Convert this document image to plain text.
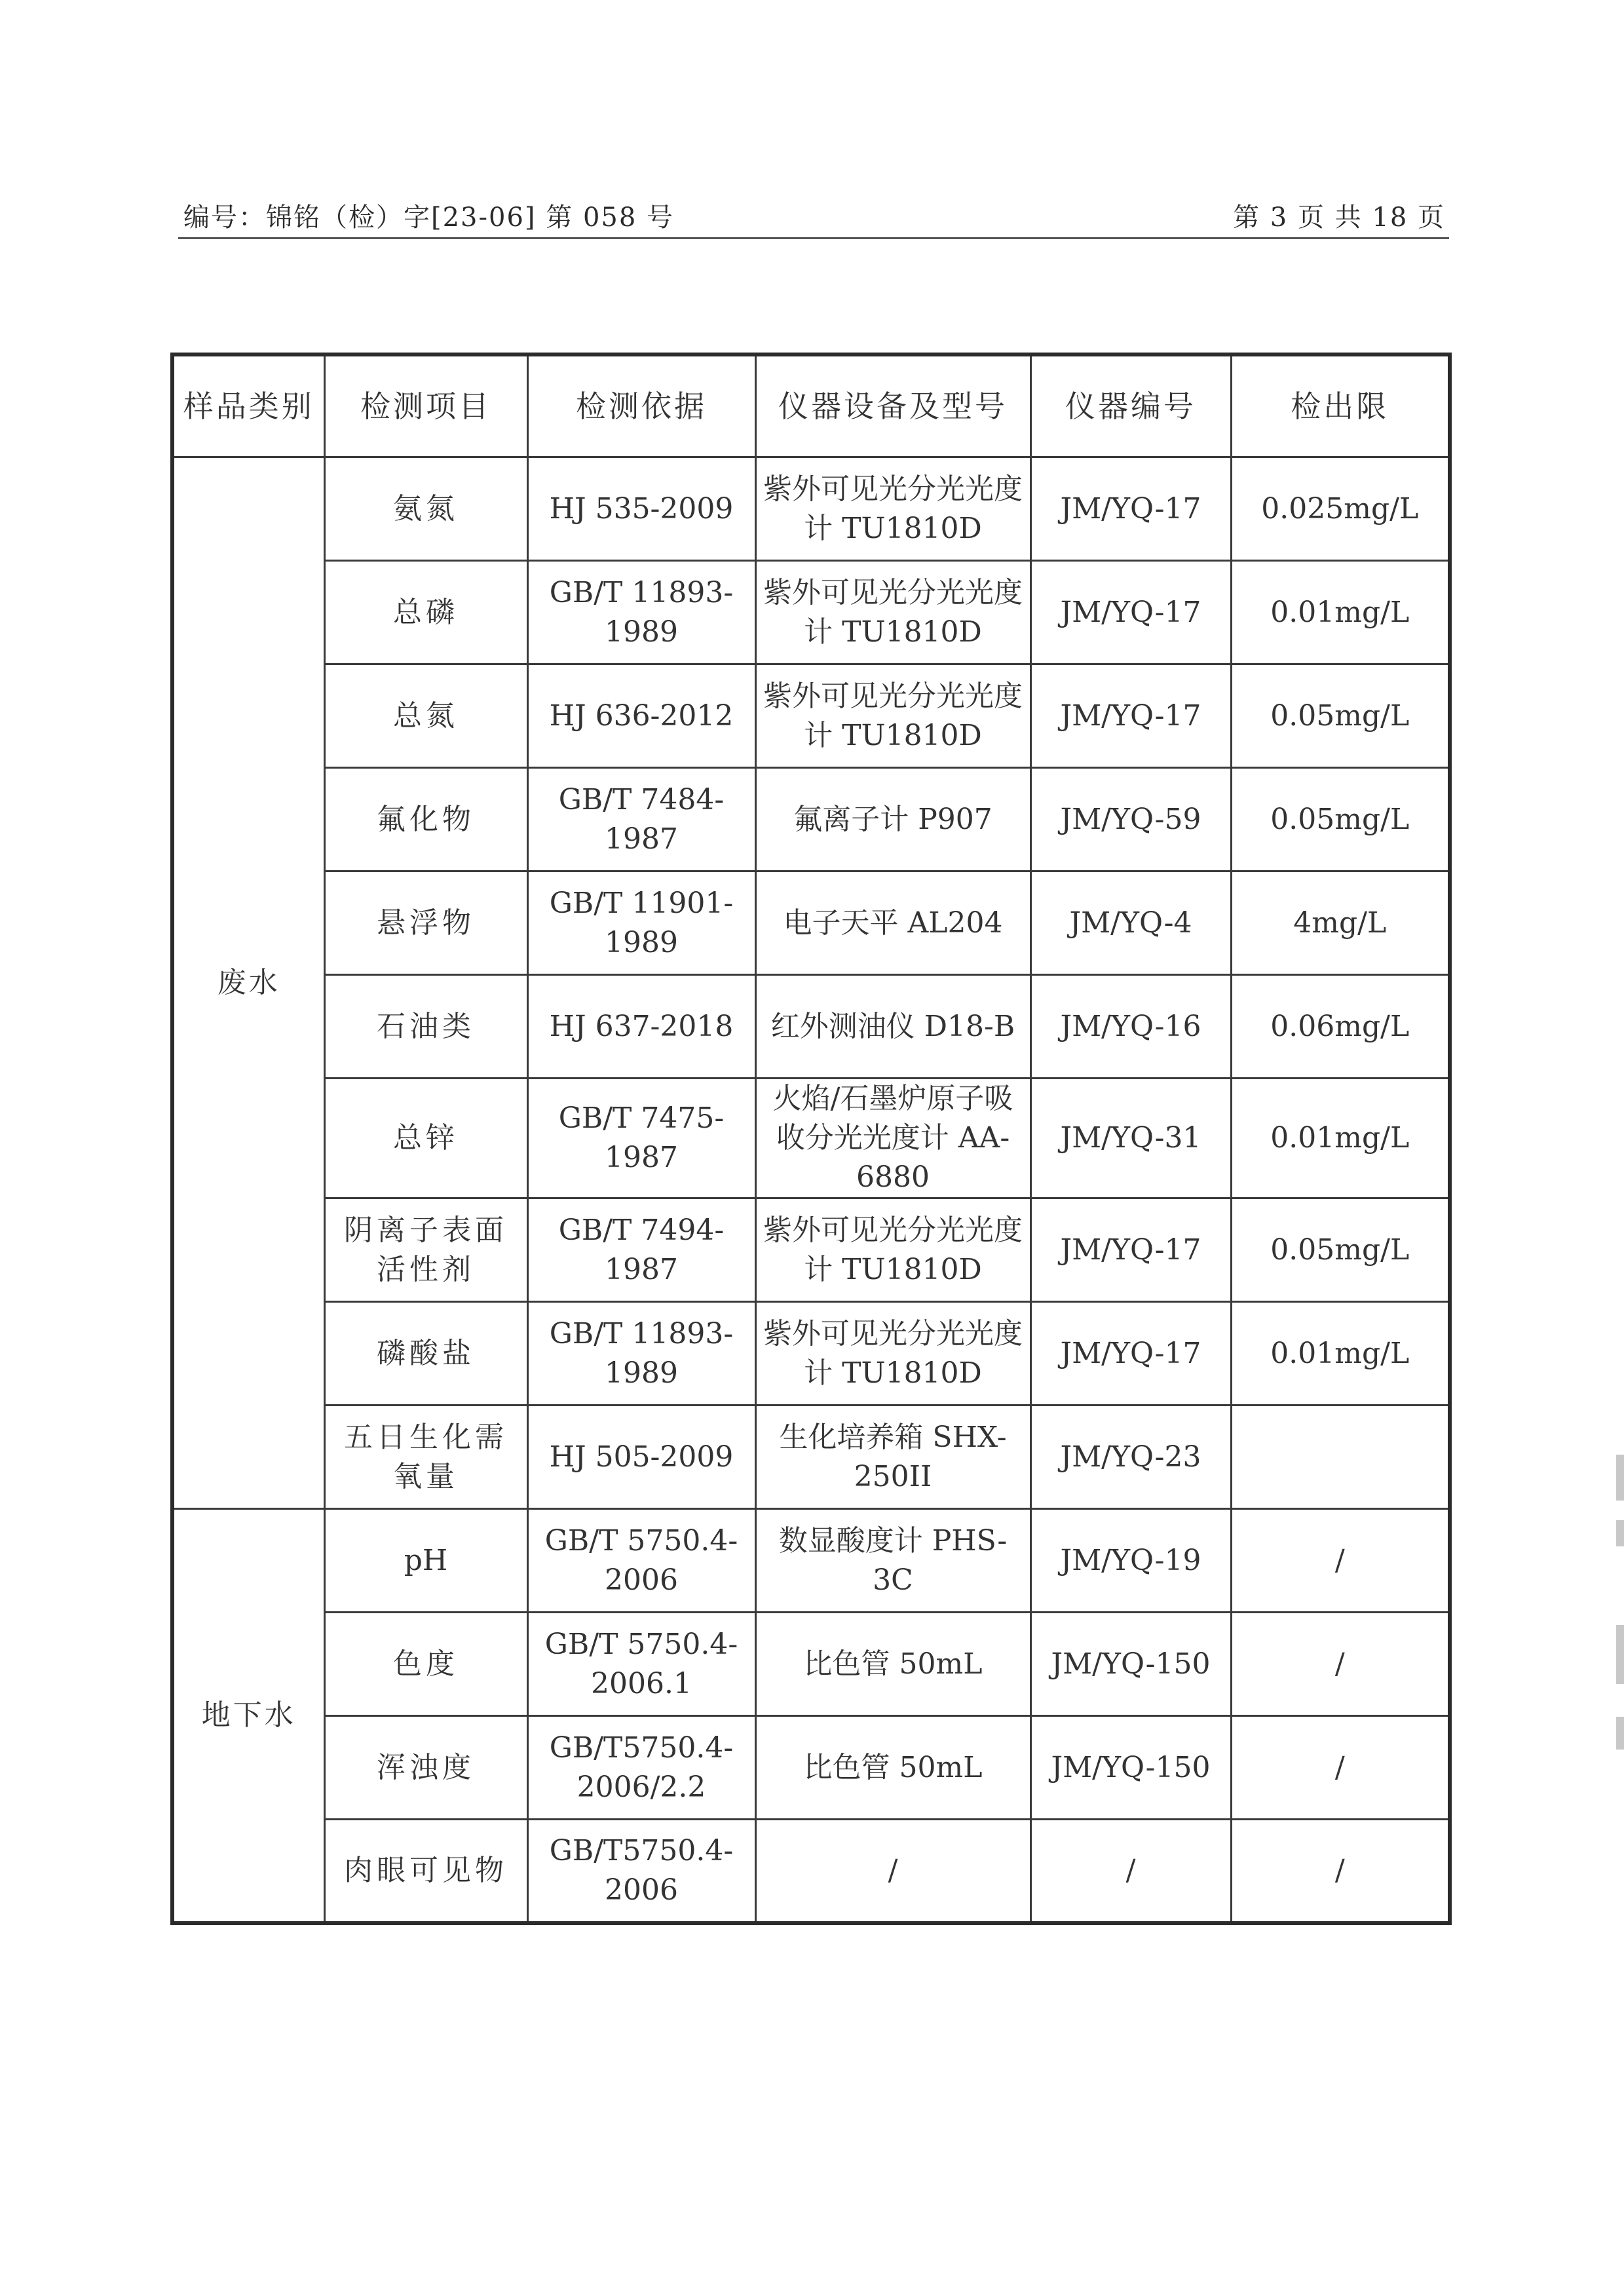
编号：锦铭（检）字[23-06] 第 058 号	第 3 页 共 18 页
样品类别	检测项目	检测依据	仪器设备及型号	仪器编号	检出限
废水	氨氮	HJ 535-2009	紫外可见光分光光度计 TU1810D	JM/YQ-17	0.025mg/L
	总磷	GB/T 11893-1989	紫外可见光分光光度计 TU1810D	JM/YQ-17	0.01mg/L
	总氮	HJ 636-2012	紫外可见光分光光度计 TU1810D	JM/YQ-17	0.05mg/L
	氟化物	GB/T 7484-1987	氟离子计 P907	JM/YQ-59	0.05mg/L
	悬浮物	GB/T 11901-1989	电子天平 AL204	JM/YQ-4	4mg/L
	石油类	HJ 637-2018	红外测油仪 D18-B	JM/YQ-16	0.06mg/L
	总锌	GB/T 7475-1987	火焰/石墨炉原子吸收分光光度计 AA-6880	JM/YQ-31	0.01mg/L
	阴离子表面活性剂	GB/T 7494-1987	紫外可见光分光光度计 TU1810D	JM/YQ-17	0.05mg/L
	磷酸盐	GB/T 11893-1989	紫外可见光分光光度计 TU1810D	JM/YQ-17	0.01mg/L
	五日生化需氧量	HJ 505-2009	生化培养箱 SHX-250II	JM/YQ-23	
地下水	pH	GB/T 5750.4-2006	数显酸度计 PHS-3C	JM/YQ-19	/
	色度	GB/T 5750.4-2006.1	比色管 50mL	JM/YQ-150	/
	浑浊度	GB/T5750.4-2006/2.2	比色管 50mL	JM/YQ-150	/
	肉眼可见物	GB/T5750.4-2006	/	/	/
